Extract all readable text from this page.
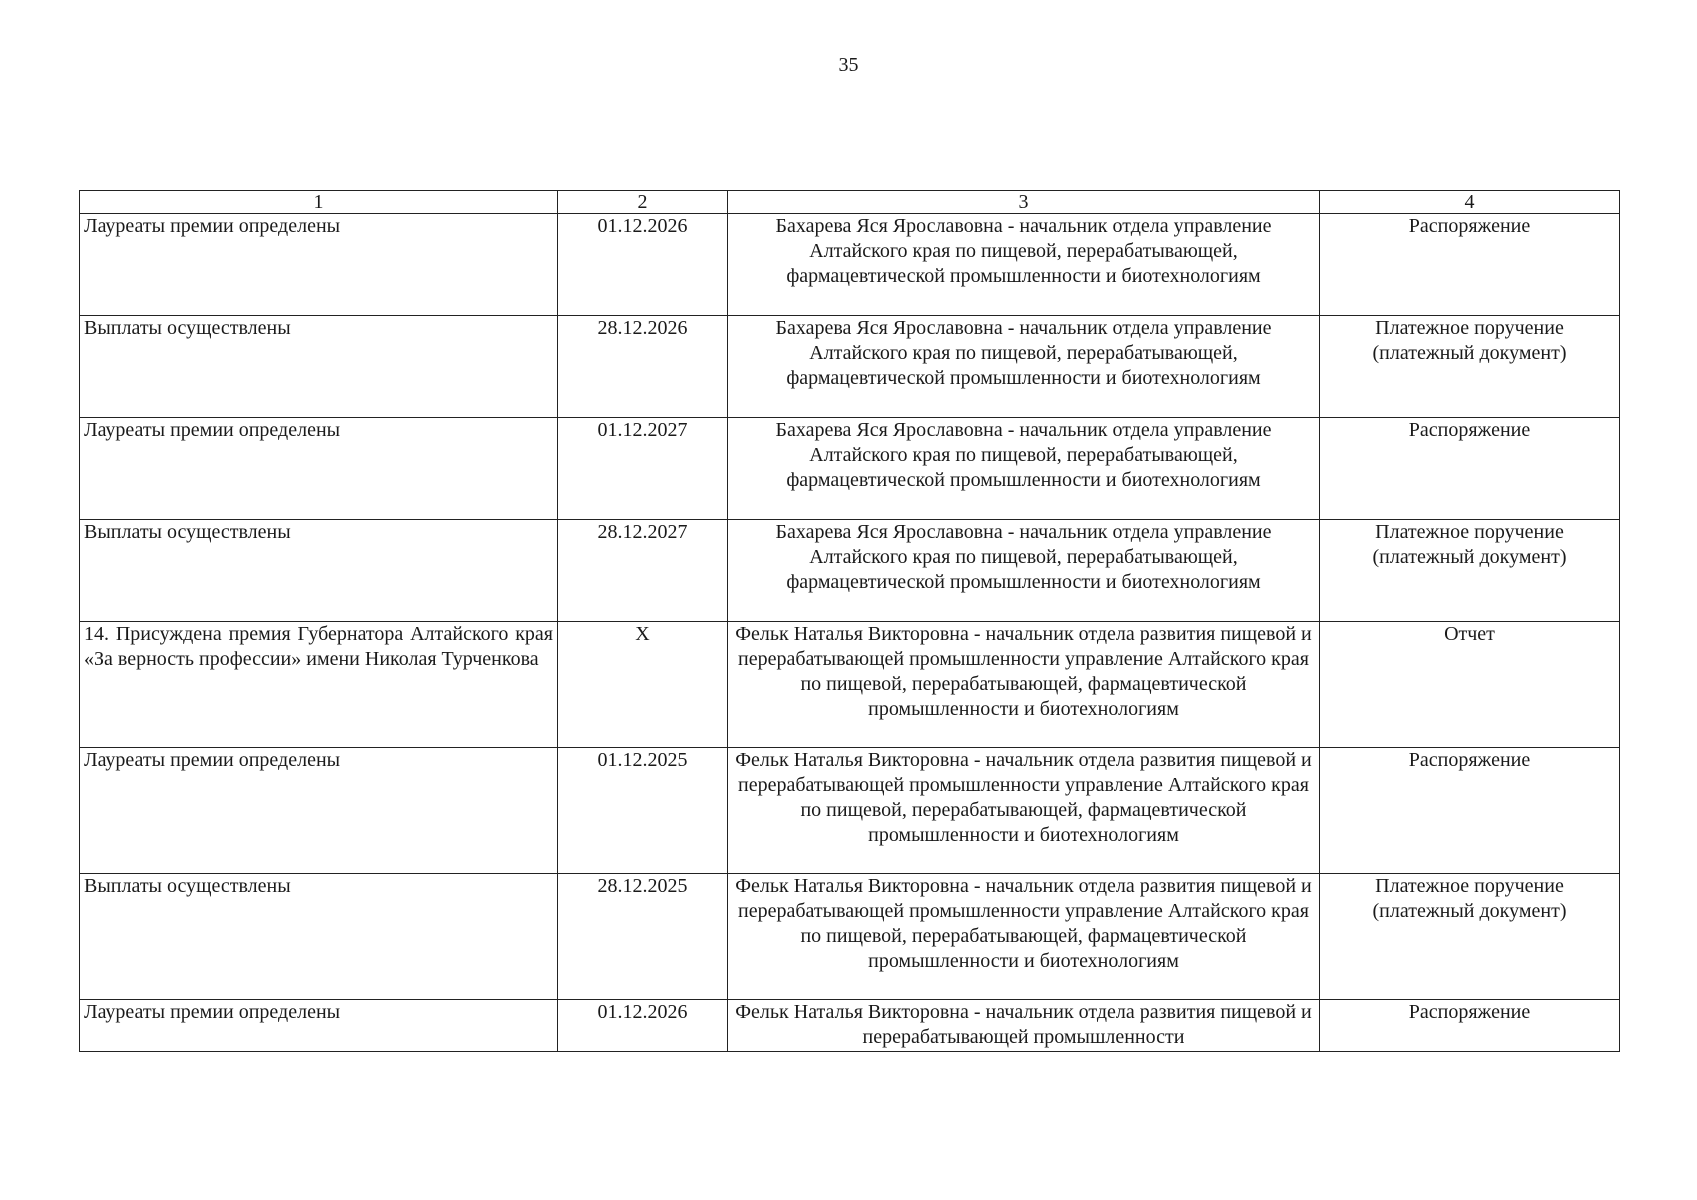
35
1	2	3	4
Лауреаты премии определены	01.12.2026	Бахарева Яся Ярославовна - начальник отдела управление Алтайского края по пищевой, перерабатывающей, фармацевтической промышленности и биотехнологиям	Распоряжение
Выплаты осуществлены	28.12.2026	Бахарева Яся Ярославовна - начальник отдела управление Алтайского края по пищевой, перерабатывающей, фармацевтической промышленности и биотехнологиям	Платежное поручение (платежный документ)
Лауреаты премии определены	01.12.2027	Бахарева Яся Ярославовна - начальник отдела управление Алтайского края по пищевой, перерабатывающей, фармацевтической промышленности и биотехнологиям	Распоряжение
Выплаты осуществлены	28.12.2027	Бахарева Яся Ярославовна - начальник отдела управление Алтайского края по пищевой, перерабатывающей, фармацевтической промышленности и биотехнологиям	Платежное поручение (платежный документ)
14. Присуждена премия Губернатора Алтайского края «За верность профессии» имени Николая Турченкова	X	Фельк Наталья Викторовна - начальник отдела развития пищевой и перерабатывающей промышленности управление Алтайского края по пищевой, перерабатывающей, фармацевтической промышленности и биотехнологиям	Отчет
Лауреаты премии определены	01.12.2025	Фельк Наталья Викторовна - начальник отдела развития пищевой и перерабатывающей промышленности управление Алтайского края по пищевой, перерабатывающей, фармацевтической промышленности и биотехнологиям	Распоряжение
Выплаты осуществлены	28.12.2025	Фельк Наталья Викторовна - начальник отдела развития пищевой и перерабатывающей промышленности управление Алтайского края по пищевой, перерабатывающей, фармацевтической промышленности и биотехнологиям	Платежное поручение (платежный документ)
Лауреаты премии определены	01.12.2026	Фельк Наталья Викторовна - начальник отдела развития пищевой и перерабатывающей промышленности	Распоряжение
